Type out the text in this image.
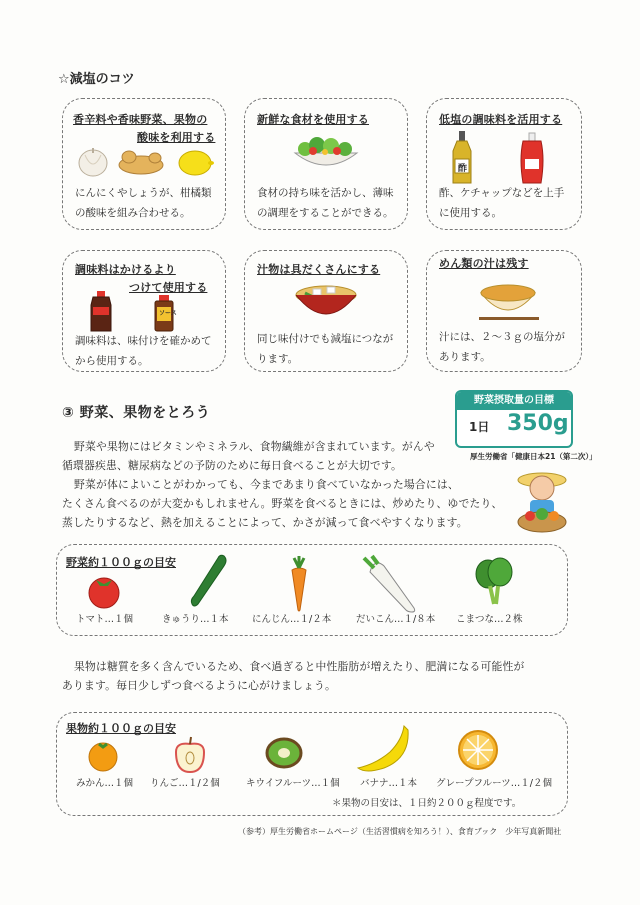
☆減塩のコツ
香辛料や香味野菜、果物の
酸味を利用する
にんにくやしょうが、柑橘類
の酸味を組み合わせる。
新鮮な食材を使用する
食材の持ち味を活かし、薄味
の調理をすることができる。
低塩の調味料を活用する
酢
酢、ケチャップなどを上手
に使用する。
調味料はかけるより
つけて使用する
ソース
調味料は、味付けを確かめて
から使用する。
汁物は具だくさんにする
同じ味付けでも減塩につなが
ります。
めん類の汁は残す
汁には、２～３ｇの塩分が
あります。
③ 野菜、果物をとろう
野菜摂取量の目標
1日 350g
厚生労働省「健康日本21（第二次）」
野菜や果物にはビタミンやミネラル、食物繊維が含まれています。がんや
循環器疾患、糖尿病などの予防のために毎日食べることが大切です。
野菜が体によいことがわかっても、今まであまり食べていなかった場合には、
たくさん食べるのが大変かもしれません。野菜を食べるときには、炒めたり、ゆでたり、
蒸したりするなど、熱を加えることによって、かさが減って食べやすくなります。
野菜約１００ｇの目安
トマト…１個	きゅうり…１本 にんじん…１/２本	だいこん…１/８本 こまつな…２株
果物は糖質を多く含んでいるため、食べ過ぎると中性脂肪が増えたり、肥満になる可能性が
あります。毎日少しずつ食べるように心がけましょう。
果物約１００ｇの目安
みかん…１個 りんご…１/２個	キウイフルーツ…１個 バナナ…１本 グレープフルーツ…１/２個
＊果物の目安は、１日約２００ｇ程度です。
（参考）厚生労働省ホームページ（生活習慣病を知ろう！）、食育ブック　少年写真新聞社
